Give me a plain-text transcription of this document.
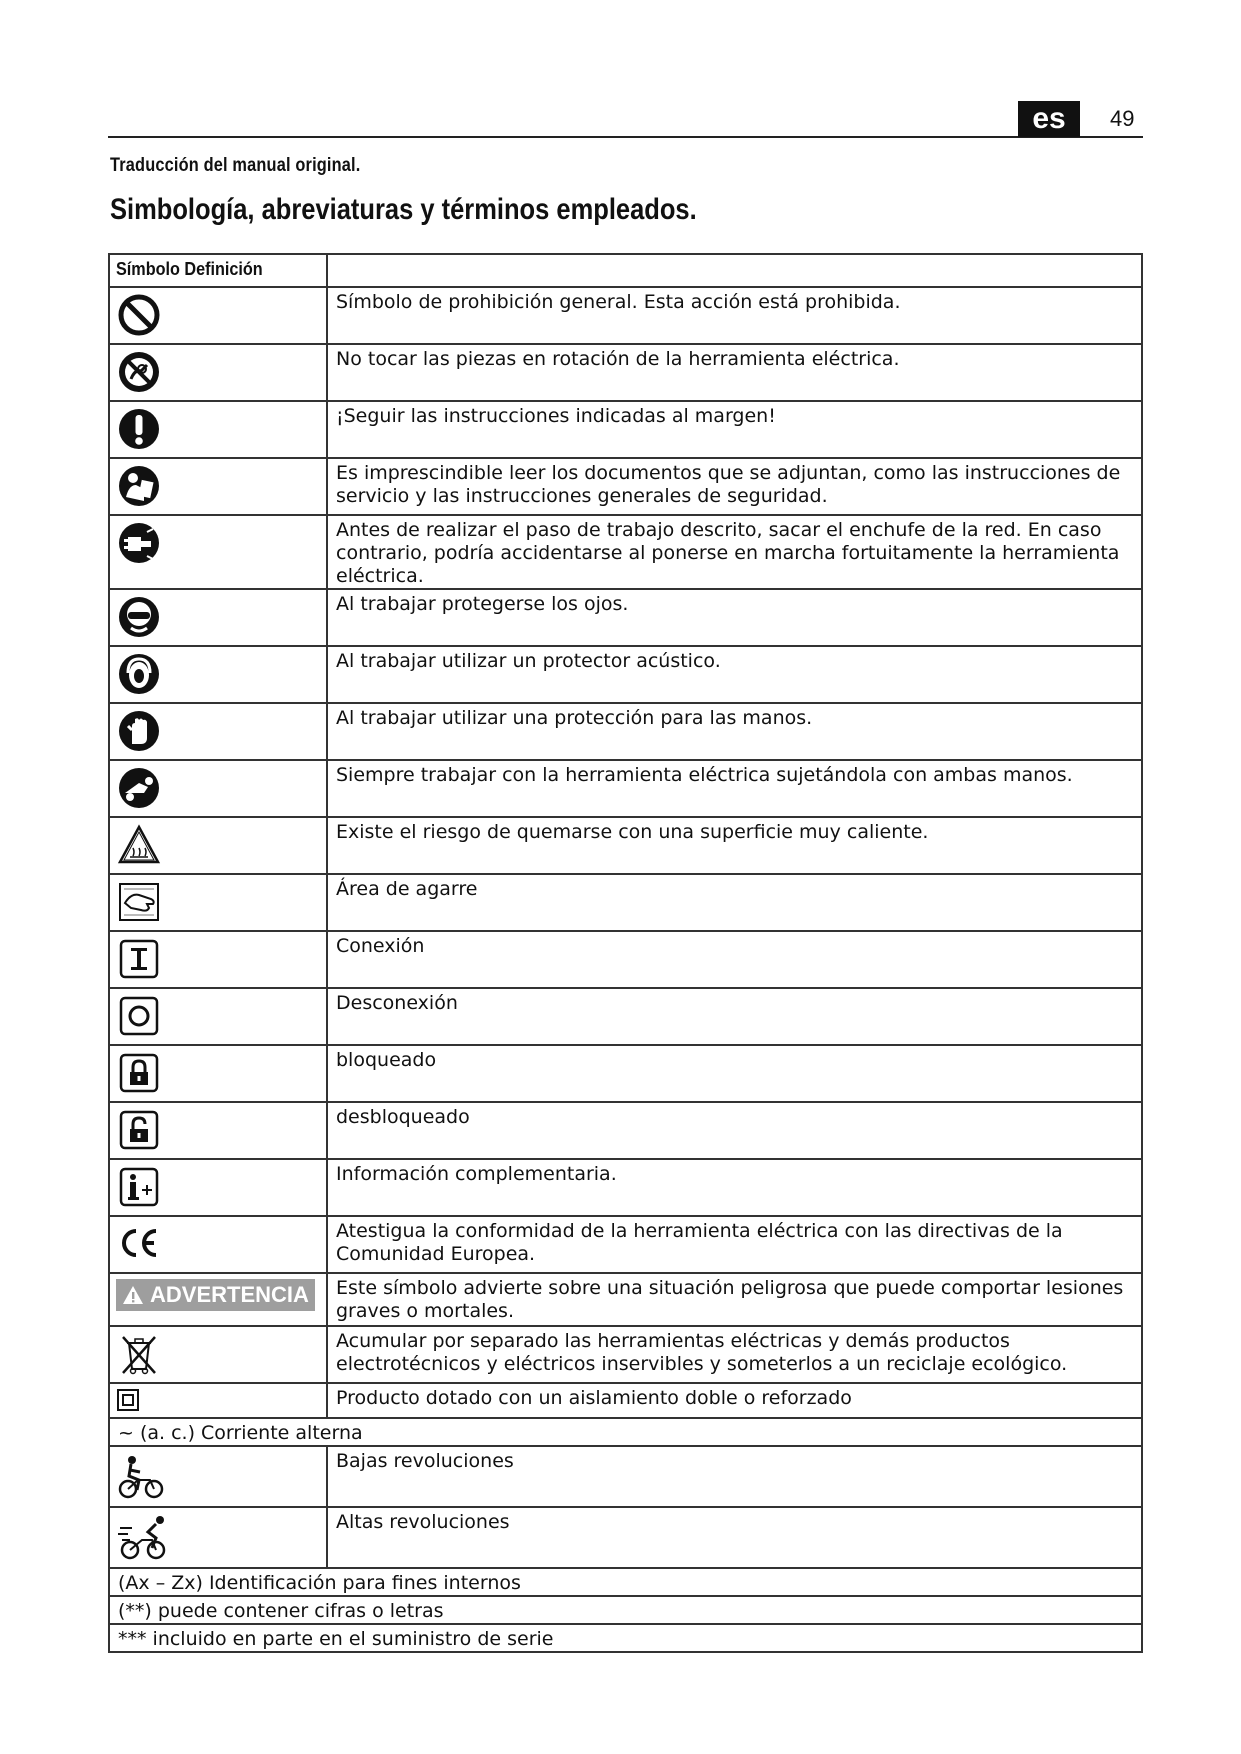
es	49
Traducción del manual original.
Simbología, abreviaturas y términos empleados.
Símbolo Definición	

	Símbolo de prohibición general. Esta acción está prohibida.

	No tocar las piezas en rotación de la herramienta eléctrica.

	¡Seguir las instrucciones indicadas al margen!

	Es imprescindible leer los documentos que se adjuntan, como las instrucciones de servicio y las instrucciones generales de seguridad.

	Antes de realizar el paso de trabajo descrito, sacar el enchufe de la red. En caso contrario, podría accidentarse al ponerse en marcha fortuitamente la herramienta eléctrica.

	Al trabajar protegerse los ojos.

	Al trabajar utilizar un protector acústico.

	Al trabajar utilizar una protección para las manos.

	Siempre trabajar con la herramienta eléctrica sujetándola con ambas manos.

	Existe el riesgo de quemarse con una superficie muy caliente.

	Área de agarre

	Conexión

	Desconexión

	bloqueado

	desbloqueado

	Información complementaria.

	Atestigua la conformidad de la herramienta eléctrica con las directivas de la Comunidad Europea.

ADVERTENCIA	Este símbolo advierte sobre una situación peligrosa que puede comportar lesiones graves o mortales.

	Acumular por separado las herramientas eléctricas y demás productos electrotécnicos y eléctricos inservibles y someterlos a un reciclaje ecológico.

	Producto dotado con un aislamiento doble o reforzado
~ (a. c.) Corriente alterna	

	Bajas revoluciones

	Altas revoluciones
(Ax – Zx) Identificación para fines internos	
(**) puede contener cifras o letras	
*** incluido en parte en el suministro de serie	
